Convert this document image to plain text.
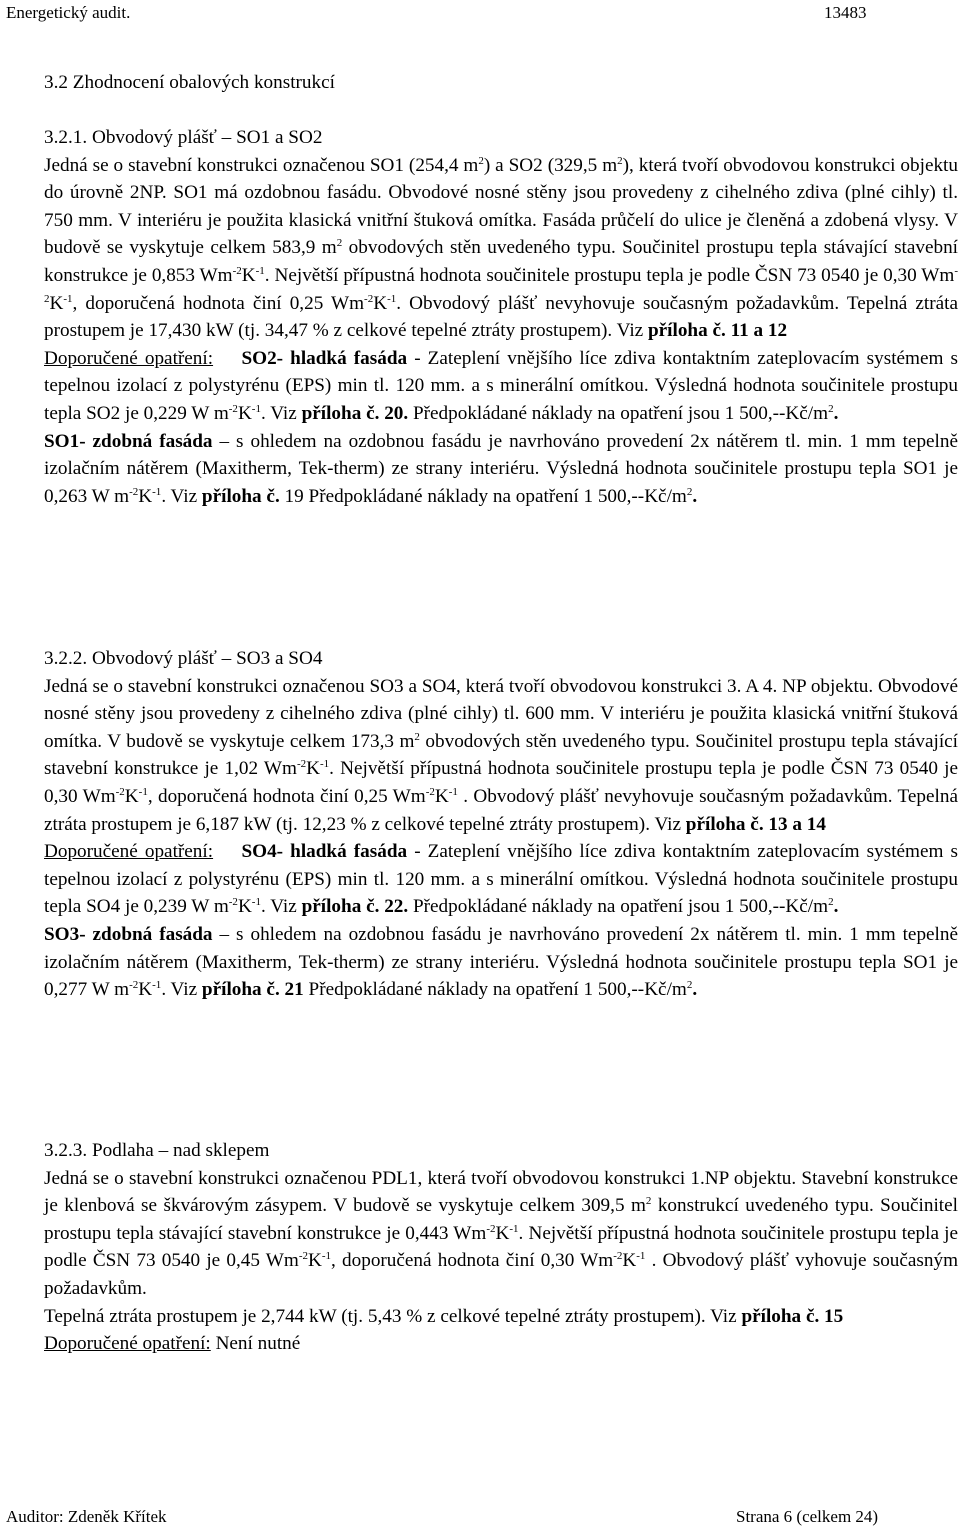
Energetický audit.	13483
3.2 Zhodnocení obalových konstrukcí
3.2.1. Obvodový plášť – SO1 a SO2
Jedná se o stavební konstrukci označenou SO1 (254,4 $m^2$) a SO2 (329,5 $m^2$), která tvoří obvodovou konstrukci objektu do úrovně 2NP. SO1 má ozdobnou fasádu. Obvodové nosné stěny jsou provedeny z cihelného zdiva (plné cihly) tl. 750 mm. V interiéru je použita klasická vnitřní štuková omítka. Fasáda průčelí do ulice je členěná a zdobená vlysy. V budově se vyskytuje celkem 583,9 $m^2$ obvodových stěn uvedeného typu. Součinitel prostupu tepla stávající stavební konstrukce je 0,853 $Wm^{-2}K^{-1}$. Největší přípustná hodnota součinitele prostupu tepla je podle ČSN 73 0540 je 0,30 $Wm^{-2}K^{-1}$, doporučená hodnota činí 0,25 $Wm^{-2}K^{-1}$. Obvodový plášť nevyhovuje současným požadavkům. Tepelná ztráta prostupem je 17,430 kW (tj. 34,47 % z celkové tepelné ztráty prostupem). Viz příloha č. 11 a 12
Doporučené opatření: SO2- hladká fasáda - Zateplení vnějšího líce zdiva kontaktním zateplovacím systémem s tepelnou izolací z polystyrénu (EPS) min tl. 120 mm. a s minerální omítkou. Výsledná hodnota součinitele prostupu tepla SO2 je 0,229 W $m^{-2}K^{-1}$. Viz příloha č. 20. Předpokládané náklady na opatření jsou 1 $500,--Kč/m^2$.
SO1- zdobná fasáda – s ohledem na ozdobnou fasádu je navrhováno provedení 2x nátěrem tl. min. 1 mm tepelně izolačním nátěrem (Maxitherm, Tek-therm) ze strany interiéru. Výsledná hodnota součinitele prostupu tepla SO1 je 0,263 W $m^{-2}K^{-1}$. Viz příloha č. 19 Předpokládané náklady na opatření 1 $500,--Kč/m^2$.
3.2.2. Obvodový plášť – SO3 a SO4
Jedná se o stavební konstrukci označenou SO3 a SO4, která tvoří obvodovou konstrukci 3. A 4. NP objektu. Obvodové nosné stěny jsou provedeny z cihelného zdiva (plné cihly) tl. 600 mm. V interiéru je použita klasická vnitřní štuková omítka. V budově se vyskytuje celkem 173,3 $m^2$ obvodových stěn uvedeného typu. Součinitel prostupu tepla stávající stavební konstrukce je 1,02 $Wm^{-2}K^{-1}$. Největší přípustná hodnota součinitele prostupu tepla je podle ČSN 73 0540 je 0,30 $Wm^{-2}K^{-1}$, doporučená hodnota činí 0,25 $Wm^{-2}K^{-1}$ . Obvodový plášť nevyhovuje současným požadavkům. Tepelná ztráta prostupem je 6,187 kW (tj. 12,23 % z celkové tepelné ztráty prostupem). Viz příloha č. 13 a 14
Doporučené opatření: SO4- hladká fasáda - Zateplení vnějšího líce zdiva kontaktním zateplovacím systémem s tepelnou izolací z polystyrénu (EPS) min tl. 120 mm. a s minerální omítkou. Výsledná hodnota součinitele prostupu tepla SO4 je 0,239 W $m^{-2}K^{-1}$. Viz příloha č. 22. Předpokládané náklady na opatření jsou 1 $500,--Kč/m^2$.
SO3- zdobná fasáda – s ohledem na ozdobnou fasádu je navrhováno provedení 2x nátěrem tl. min. 1 mm tepelně izolačním nátěrem (Maxitherm, Tek-therm) ze strany interiéru. Výsledná hodnota součinitele prostupu tepla SO1 je 0,277 W $m^{-2}K^{-1}$. Viz příloha č. 21 Předpokládané náklady na opatření 1 $500,--Kč/m^2$.
3.2.3. Podlaha – nad sklepem
Jedná se o stavební konstrukci označenou PDL1, která tvoří obvodovou konstrukci 1.NP objektu. Stavební konstrukce je klenbová se škvárovým zásypem. V budově se vyskytuje celkem 309,5 $m^2$ konstrukcí uvedeného typu. Součinitel prostupu tepla stávající stavební konstrukce je 0,443 $Wm^{-2}K^{-1}$. Největší přípustná hodnota součinitele prostupu tepla je podle ČSN 73 0540 je 0,45 $Wm^{-2}K^{-1}$, doporučená hodnota činí 0,30 $Wm^{-2}K^{-1}$ . Obvodový plášť vyhovuje současným požadavkům.
Tepelná ztráta prostupem je 2,744 kW (tj. 5,43 % z celkové tepelné ztráty prostupem). Viz příloha č. 15
Doporučené opatření: Není nutné
Auditor: Zdeněk Křítek	Strana 6 (celkem 24)
